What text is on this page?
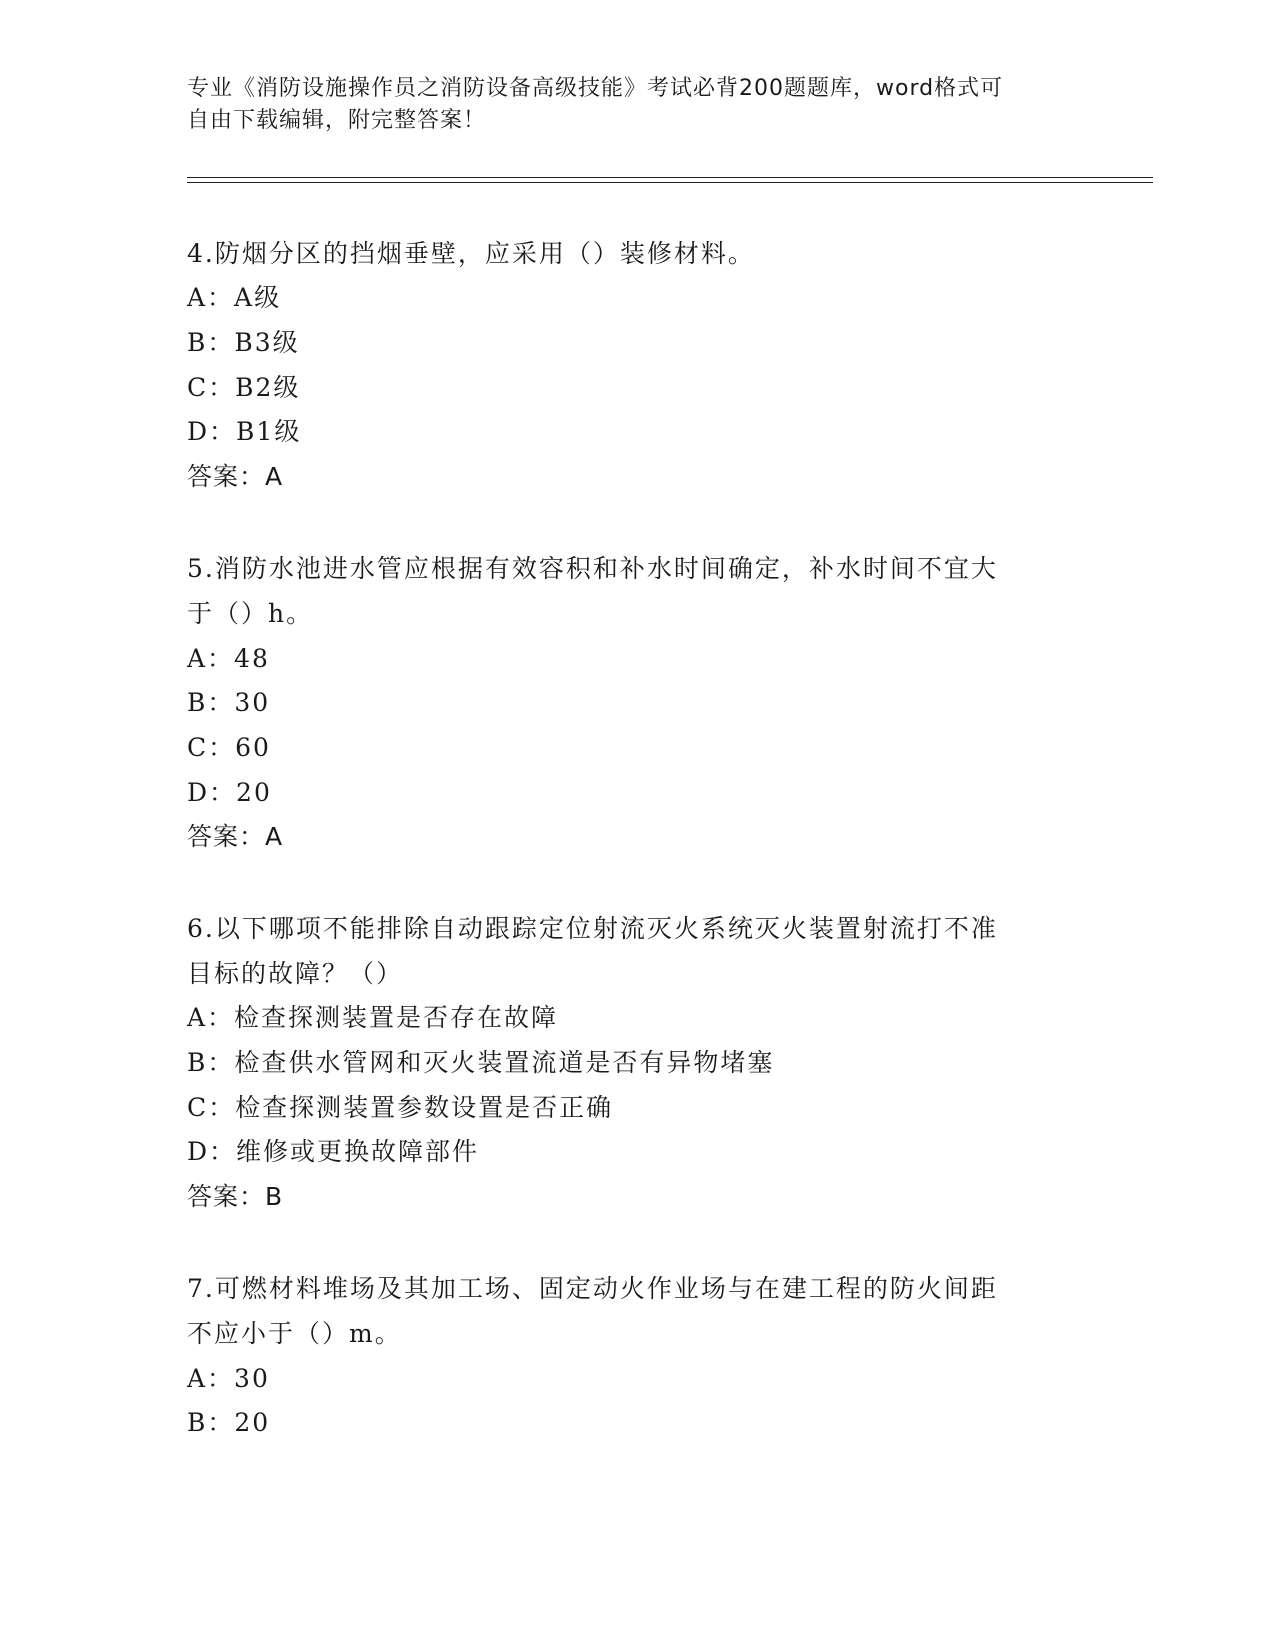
专业《消防设施操作员之消防设备高级技能》考试必背200题题库，word格式可
自由下载编辑，附完整答案！
4.防烟分区的挡烟垂壁，应采用（）装修材料。
A：A级
B：B3级
C：B2级
D：B1级
答案：A
5.消防水池进水管应根据有效容积和补水时间确定，补水时间不宜大
于（）h。
A：48
B：30
C：60
D：20
答案：A
6.以下哪项不能排除自动跟踪定位射流灭火系统灭火装置射流打不准
目标的故障？（）
A：检查探测装置是否存在故障
B：检查供水管网和灭火装置流道是否有异物堵塞
C：检查探测装置参数设置是否正确
D：维修或更换故障部件
答案：B
7.可燃材料堆场及其加工场、固定动火作业场与在建工程的防火间距
不应小于（）m。
A：30
B：20
